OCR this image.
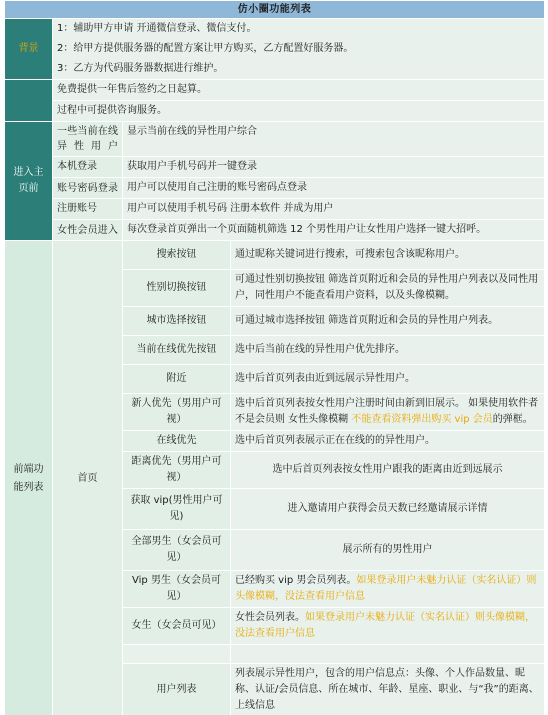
仿小圈功能列表			
背景	1：辅助甲方申请 开通微信登录、微信支付。		
	2：给甲方提供服务器的配置方案让甲方购买，乙方配置好服务器。		
	3：乙方为代码服务器数据进行维护。		
	免费提供一年售后签约之日起算。		
	过程中可提供咨询服务。		
进入主页前	一些当前在线异性用户	显示当前在线的异性用户综合	
	本机登录	获取用户手机号码并一键登录	
	账号密码登录	用户可以使用自己注册的账号密码点登录	
	注册账号	用户可以使用手机号码 注册本软件 并成为用户	
	女性会员进入	每次登录首页弹出一个页面随机筛选 12 个男性用户让女性用户选择一键大招呼。	
前端功能列表	首页	搜索按钮	通过昵称关键词进行搜索，可搜索包含该昵称用户。
		性别切换按钮	可通过性别切换按钮 筛选首页附近和会员的异性用户列表以及同性用户，同性用户不能查看用户资料，以及头像模糊。
		城市选择按钮	可通过城市选择按钮 筛选首页附近和会员的异性用户列表。
		当前在线优先按钮	选中后当前在线的异性用户优先排序。
		附近	选中后首页列表由近到远展示异性用户。
		新人优先（男用户可视）	选中后首页列表按女性用户注册时间由新到旧展示。 如果使用软件者不是会员则 女性头像模糊 不能查看资料弹出购买 vip 会员的弹框。
		在线优先	选中后首页列表展示正在在线的的异性用户。
		距离优先（男用户可视）	选中后首页列表按女性用户跟我的距离由近到远展示
		获取 vip(男性用户可见)	进入邀请用户获得会员天数已经邀请展示详情
		全部男生（女会员可见）	展示所有的男性用户
		Vip 男生（女会员可见）	已经购买 vip 男会员列表。如果登录用户未魅力认证（实名认证）则头像模糊，没法查看用户信息
		女生（女会员可见）	女性会员列表。如果登录用户未魅力认证（实名认证）则头像模糊，没法查看用户信息

		用户列表	列表展示异性用户，包含的用户信息点：头像、个人作品数量、昵称、认证/会员信息、所在城市、年龄、星座、职业、与“我”的距离、上线信息
